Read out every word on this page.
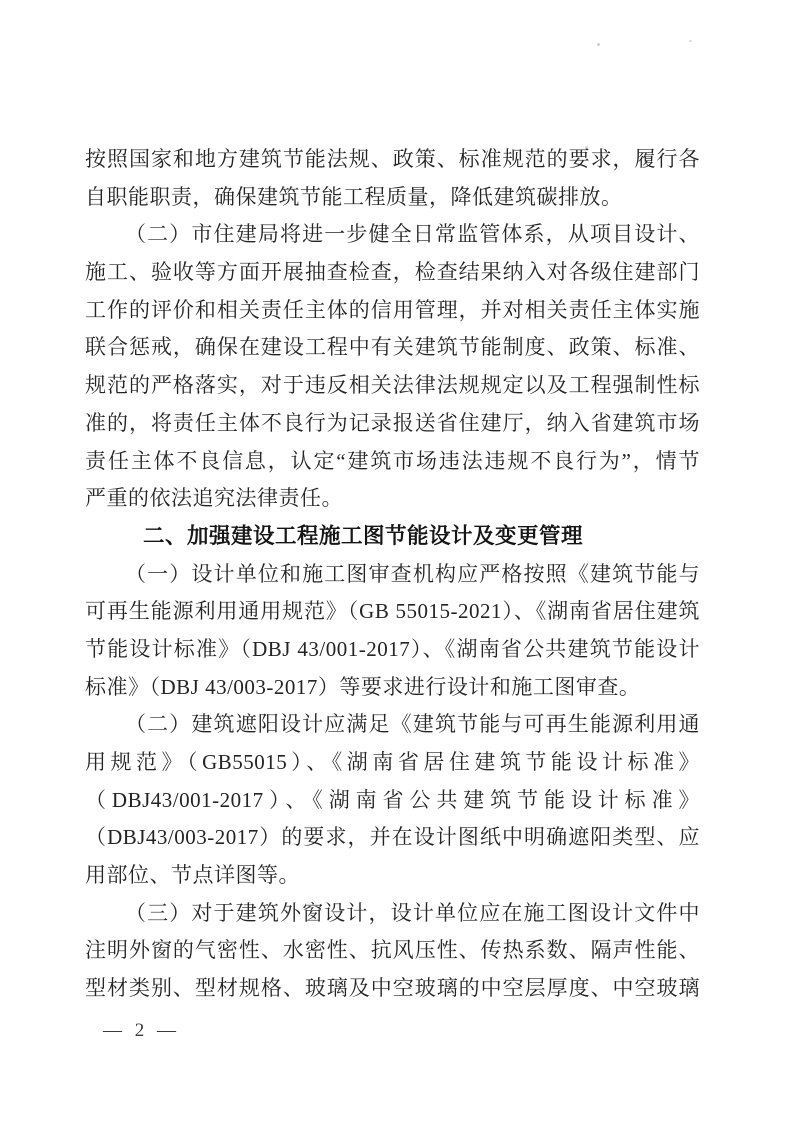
按照国家和地方建筑节能法规、政策、标准规范的要求，履行各
自职能职责，确保建筑节能工程质量，降低建筑碳排放。
（二）市住建局将进一步健全日常监管体系，从项目设计、
施工、验收等方面开展抽查检查，检查结果纳入对各级住建部门
工作的评价和相关责任主体的信用管理，并对相关责任主体实施
联合惩戒，确保在建设工程中有关建筑节能制度、政策、标准、
规范的严格落实，对于违反相关法律法规规定以及工程强制性标
准的，将责任主体不良行为记录报送省住建厅，纳入省建筑市场
责任主体不良信息，认定“建筑市场违法违规不良行为”，情节
严重的依法追究法律责任。
二、加强建设工程施工图节能设计及变更管理
（一）设计单位和施工图审查机构应严格按照《建筑节能与
可再生能源利用通用规范》（GB 55015-2021）、《湖南省居住建筑
节能设计标准》（DBJ 43/001-2017）、《湖南省公共建筑节能设计
标准》（DBJ 43/003-2017）等要求进行设计和施工图审查。
（二）建筑遮阳设计应满足《建筑节能与可再生能源利用通
用规范》（GB55015）、《湖南省居住建筑节能设计标准》
（DBJ43/001-2017）、《湖南省公共建筑节能设计标准》
（DBJ43/003-2017）的要求，并在设计图纸中明确遮阳类型、应
用部位、节点详图等。
（三）对于建筑外窗设计，设计单位应在施工图设计文件中
注明外窗的气密性、水密性、抗风压性、传热系数、隔声性能、
型材类别、型材规格、玻璃及中空玻璃的中空层厚度、中空玻璃
— 2 —
